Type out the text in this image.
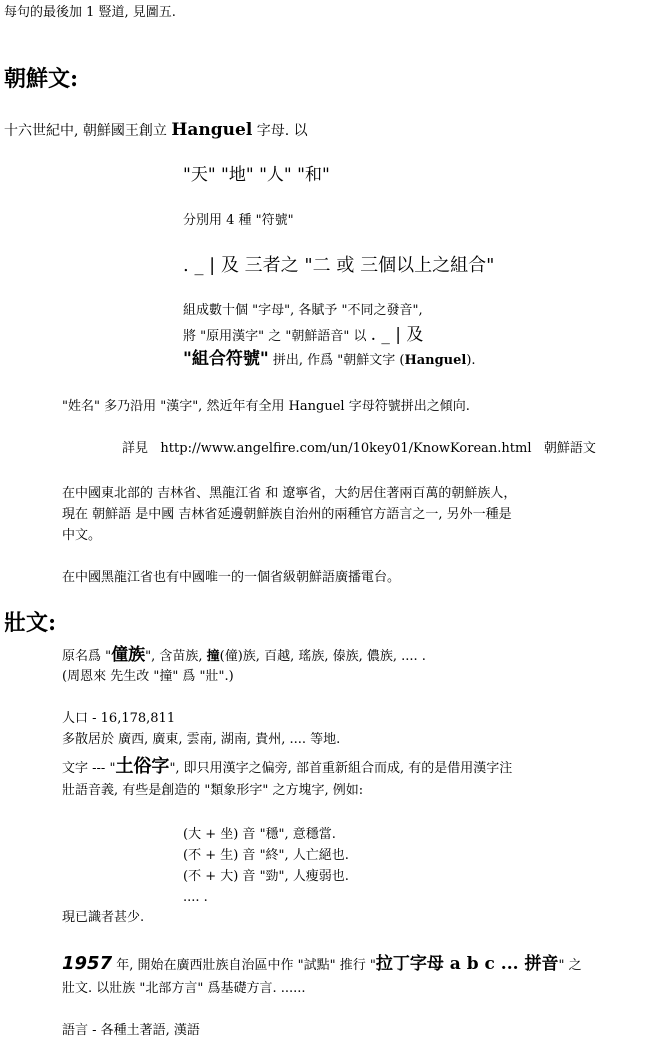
每句的最後加 1 豎道, 見圖五.
朝鮮文:
十六世紀中, 朝鮮國王創立 Hanguel 字母. 以
"天" "地" "人" "和"
分別用 4 種 "符號"
. _ | 及 三者之 "二 或 三個以上之組合"
組成數十個 "字母", 各賦予 "不同之發音",
將 "原用漢字" 之 "朝鮮語音" 以 . _ | 及
"組合符號" 拼出, 作爲 "朝鮮文字 (Hanguel).
"姓名" 多乃沿用 "漢字", 然近年有全用 Hanguel 字母符號拼出之傾向.
詳見 http://www.angelfire.com/un/10key01/KnowKorean.html 朝鮮語文
在中國東北部的 吉林省、黑龍江省 和 遼寧省，大約居住著兩百萬的朝鮮族人，
現在 朝鮮語 是中國 吉林省延邊朝鮮族自治州的兩種官方語言之一, 另外一種是
中文。
在中國黑龍江省也有中國唯一的一個省級朝鮮語廣播電台。
壯文:
原名爲 "僮族", 含苗族, 撞(僮)族, 百越, 瑤族, 傣族, 儂族, .... .
(周恩來 先生改 "撞" 爲 "壯".)
人口 - 16,178,811
多散居於 廣西, 廣東, 雲南, 湖南, 貴州, .... 等地.
文字 --- "土俗字", 即只用漢字之偏旁, 部首重新組合而成, 有的是借用漢字注
壯語音義, 有些是創造的 "類象形字" 之方塊字, 例如:
(大 + 坐) 音 "穩", 意穩當.
(不 + 生) 音 "終", 人亡絕也.
(不 + 大) 音 "勁", 人瘦弱也.
.... .
現已識者甚少.
1957 年, 開始在廣西壯族自治區中作 "試點" 推行 "拉丁字母 a b c ... 拼音" 之
壯文. 以壯族 "北部方言" 爲基礎方言. ......
語言 - 各種土著語, 漢語
